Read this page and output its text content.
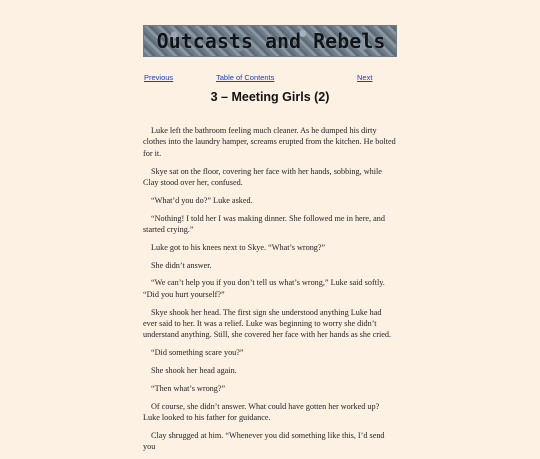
Outcasts and Rebels
Previous	Table of Contents	Next
3 – Meeting Girls (2)

Luke left the bathroom feeling much cleaner. As he dumped his dirty clothes into the laundry hamper, screams erupted from the kitchen. He bolted for it.

Skye sat on the floor, covering her face with her hands, sobbing, while Clay stood over her, confused.

“What’d you do?” Luke asked.

“Nothing! I told her I was making dinner. She followed me in here, and started crying.”

Luke got to his knees next to Skye. “What’s wrong?”

She didn’t answer.

“We can’t help you if you don’t tell us what’s wrong,” Luke said softly. “Did you hurt yourself?”

Skye shook her head. The first sign she understood anything Luke had ever said to her. It was a relief. Luke was beginning to worry she didn’t understand anything. Still, she covered her face with her hands as she cried.

“Did something scare you?”

She shook her head again.

“Then what’s wrong?”

Of course, she didn’t answer. What could have gotten her worked up? Luke looked to his father for guidance.

Clay shrugged at him. “Whenever you did something like this, I’d send you
